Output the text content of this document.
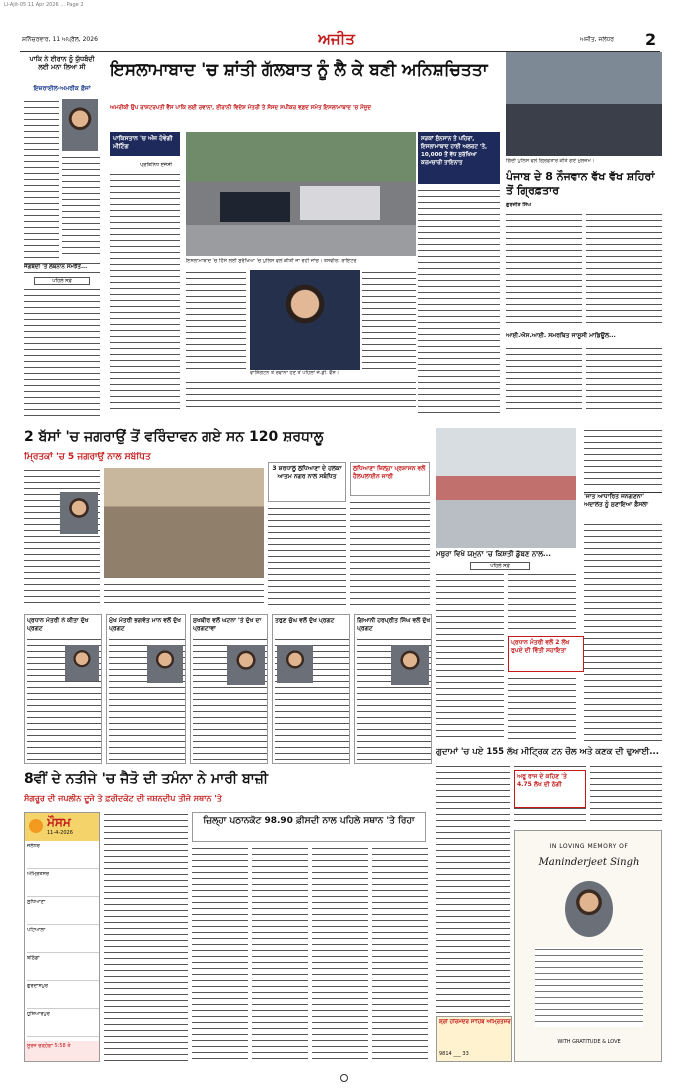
Ll-Ajit-05 11 Apr 2026 ... Page 2
ਸ਼ਨਿੱਚਰਵਾਰ, 11 ਅਪ੍ਰੈਲ, 2026	ਅਜੀਤ	ਅਜੀਤ, ਜਲੰਧਰ	2
ਪਾਕਿ ਨੇ ਈਰਾਨ ਨੂੰ ਯੁੱਧਬੰਦੀ ਲਈ ਮਨਾ ਲਿਆ ਸੀ
ਇਜ਼ਰਾਈਲ-ਅਮਰੀਕ ਫ਼ੌਜਾਂ
ਜੰਗਬੰਦੀ 'ਤੇ ਲੇਬਨਾਨ ਸਮਝੌਤੇ...
ਪਹਿਲੇ ਸਫ਼ੇ
ਇਸਲਾਮਾਬਾਦ 'ਚ ਸ਼ਾਂਤੀ ਗੱਲਬਾਤ ਨੂੰ ਲੈ ਕੇ ਬਣੀ ਅਨਿਸ਼ਚਿਤਤਾ
ਅਮਰੀਕੀ ਉਪ ਰਾਸ਼ਟਰਪਤੀ ਵੈਂਸ ਪਾਕਿ ਲਈ ਰਵਾਨਾ, ਈਰਾਨੀ ਵਿਦੇਸ਼ ਮੰਤਰੀ ਤੇ ਸੰਸਦ ਸਪੀਕਰ ਵਫ਼ਦ ਸਮੇਤ ਇਸਲਾਮਾਬਾਦ 'ਚ ਮੌਜੂਦ
ਪਾਕਿਸਤਾਨ 'ਚ ਅੱਜ ਹੋਵੇਗੀ ਮੀਟਿੰਗ
ਪ੍ਰਤਿਨਿਧ ਏਜੰਸੀ
ਸੜਕਾਂ ਸੁੰਨਸਾਨ ਤੇ ਪਹਿਰਾ, ਇਸਲਾਮਾਬਾਦ ਹਾਈ ਅਲਰਟ 'ਤੇ, 10,000 ਤੋਂ ਵੱਧ ਸੁਰੱਖਿਆ ਕਰਮਚਾਰੀ ਤਾਇਨਾਤ
ਇਸਲਾਮਾਬਾਦ 'ਚ ਹਿੱਸੇ ਲਈ ਸੁਰੱਖਿਆ 'ਚ ਪੁਲਿਸ ਵਲੋਂ ਕੀਤੀ ਜਾ ਰਹੀ ਜਾਂਚ। ਤਸਵੀਰ: ਰਾਇਟਰ
ਵਾਸ਼ਿੰਗਟਨ ਤੋਂ ਰਵਾਨਾ ਹੋਣ ਤੋਂ ਪਹਿਲਾਂ ਜੇ.ਡੀ. ਵੈਂਸ।
ਗਿੰਦੀ ਪੁਲਿਸ ਵਲੋਂ ਗ੍ਰਿਫ਼ਤਾਰ ਕੀਤੇ ਗਏ ਮੁਲਜ਼ਮ।
ਪੰਜਾਬ ਦੇ 8 ਨੌਜਵਾਨ ਵੱਖ ਵੱਖ ਸ਼ਹਿਰਾਂ ਤੋਂ ਗ੍ਰਿਫ਼ਤਾਰ
ਗੁਰਜੀਤ ਸਿੰਘ
ਆਈ.ਐਸ.ਆਈ. ਸਮਰਥਿਤ ਜਾਸੂਸੀ ਮਾਡਿਊਲ...
2 ਬੱਸਾਂ 'ਚ ਜਗਰਾਉਂ ਤੋਂ ਵਰਿੰਦਾਵਨ ਗਏ ਸਨ 120 ਸ਼ਰਧਾਲੂ
ਮ੍ਰਿਤਕਾਂ 'ਚ 5 ਜਗਰਾਉਂ ਨਾਲ ਸਬੰਧਿਤ
3 ਸ਼ਰਧਾਲੂ ਲੁਧਿਆਣਾ ਦੇ ਹਲਕਾ ਆਤਮ ਨਗਰ ਨਾਲ ਸਬੰਧਿਤ
ਲੁਧਿਆਣਾ ਜ਼ਿਲ੍ਹਾ ਪ੍ਰਸ਼ਾਸਨ ਵਲੋਂ ਹੈਲਪਲਾਈਨ ਜਾਰੀ
ਪ੍ਰਧਾਨ ਮੰਤਰੀ ਨੇ ਕੀਤਾ ਦੁੱਖ ਪ੍ਰਗਟ
ਮੁੱਖ ਮੰਤਰੀ ਭਗਵੰਤ ਮਾਨ ਵਲੋਂ ਦੁੱਖ ਪ੍ਰਗਟ
ਸੁਖਬੀਰ ਵਲੋਂ ਘਟਨਾ 'ਤੇ ਦੁੱਖ ਦਾ ਪ੍ਰਗਟਾਵਾ
ਤਰੁਣ ਚੁੱਘ ਵਲੋਂ ਦੁੱਖ ਪ੍ਰਗਟ	ਗਿਆਨੀ ਹਰਪ੍ਰੀਤ ਸਿੰਘ ਵਲੋਂ ਦੁੱਖ ਪ੍ਰਗਟ
ਮਥੁਰਾ ਵਿਖੇ ਯਮੁਨਾ 'ਚ ਕਿਸ਼ਤੀ ਡੁੱਬਣ ਨਾਲ...
ਪਹਿਲੇ ਸਫ਼ੇ
ਪ੍ਰਧਾਨ ਮੰਤਰੀ ਵਲੋਂ 2 ਲੱਖ ਰੁਪਏ ਦੀ ਵਿੱਤੀ ਸਹਾਇਤਾ
'ਜਾਤ ਆਧਾਰਿਤ ਜਨਗਣਨਾ' ਅਦਾਲਤ ਨੂੰ ਸੁਣਾਇਆ ਫ਼ੈਸਲਾ
ਗੁਦਾਮਾਂ 'ਚ ਪਏ 155 ਲੱਖ ਮੀਟ੍ਰਿਕ ਟਨ ਚੌਲ ਅਤੇ ਕਣਕ ਦੀ ਢੁਆਈ...
8ਵੀਂ ਦੇ ਨਤੀਜੇ 'ਚ ਜੈਤੋ ਦੀ ਤਮੰਨਾ ਨੇ ਮਾਰੀ ਬਾਜ਼ੀ
ਸੰਗਰੂਰ ਦੀ ਜਪਲੀਨ ਦੂਜੇ ਤੇ ਫ਼ਰੀਦਕੋਟ ਦੀ ਜਸ਼ਨਦੀਪ ਤੀਜੇ ਸਥਾਨ 'ਤੇ
ਮੌਸਮ
11-4-2026
ਜਲੰਧਰ
ਅੰਮ੍ਰਿਤਸਰ
ਲੁਧਿਆਣਾ
ਪਟਿਆਲਾ
ਬਠਿੰਡਾ
ਗੁਰਦਾਸਪੁਰ
ਹੁਸ਼ਿਆਰਪੁਰ
ਸੂਰਜ ਚੜ੍ਹੇਗਾ 5:58 ਤੇ
ਜ਼ਿਲ੍ਹਾ ਪਠਾਨਕੋਟ 98.90 ਫ਼ੀਸਦੀ ਨਾਲ ਪਹਿਲੇ ਸਥਾਨ 'ਤੇ ਰਿਹਾ
ਅਰੂ ਰਾਜ ਦੇ ਕਹਿਣ 'ਤੇ 4.75 ਲੱਖ ਦੀ ਠੱਗੀ
ਸ਼੍ਰੀ ਹਰਿਮੰਦਰ ਸਾਹਿਬ ਅੰਮ੍ਰਿਤਸਰ
9814 ___ 33
IN LOVING MEMORY OF
Maninderjeet Singh
WITH GRATITUDE & LOVE
